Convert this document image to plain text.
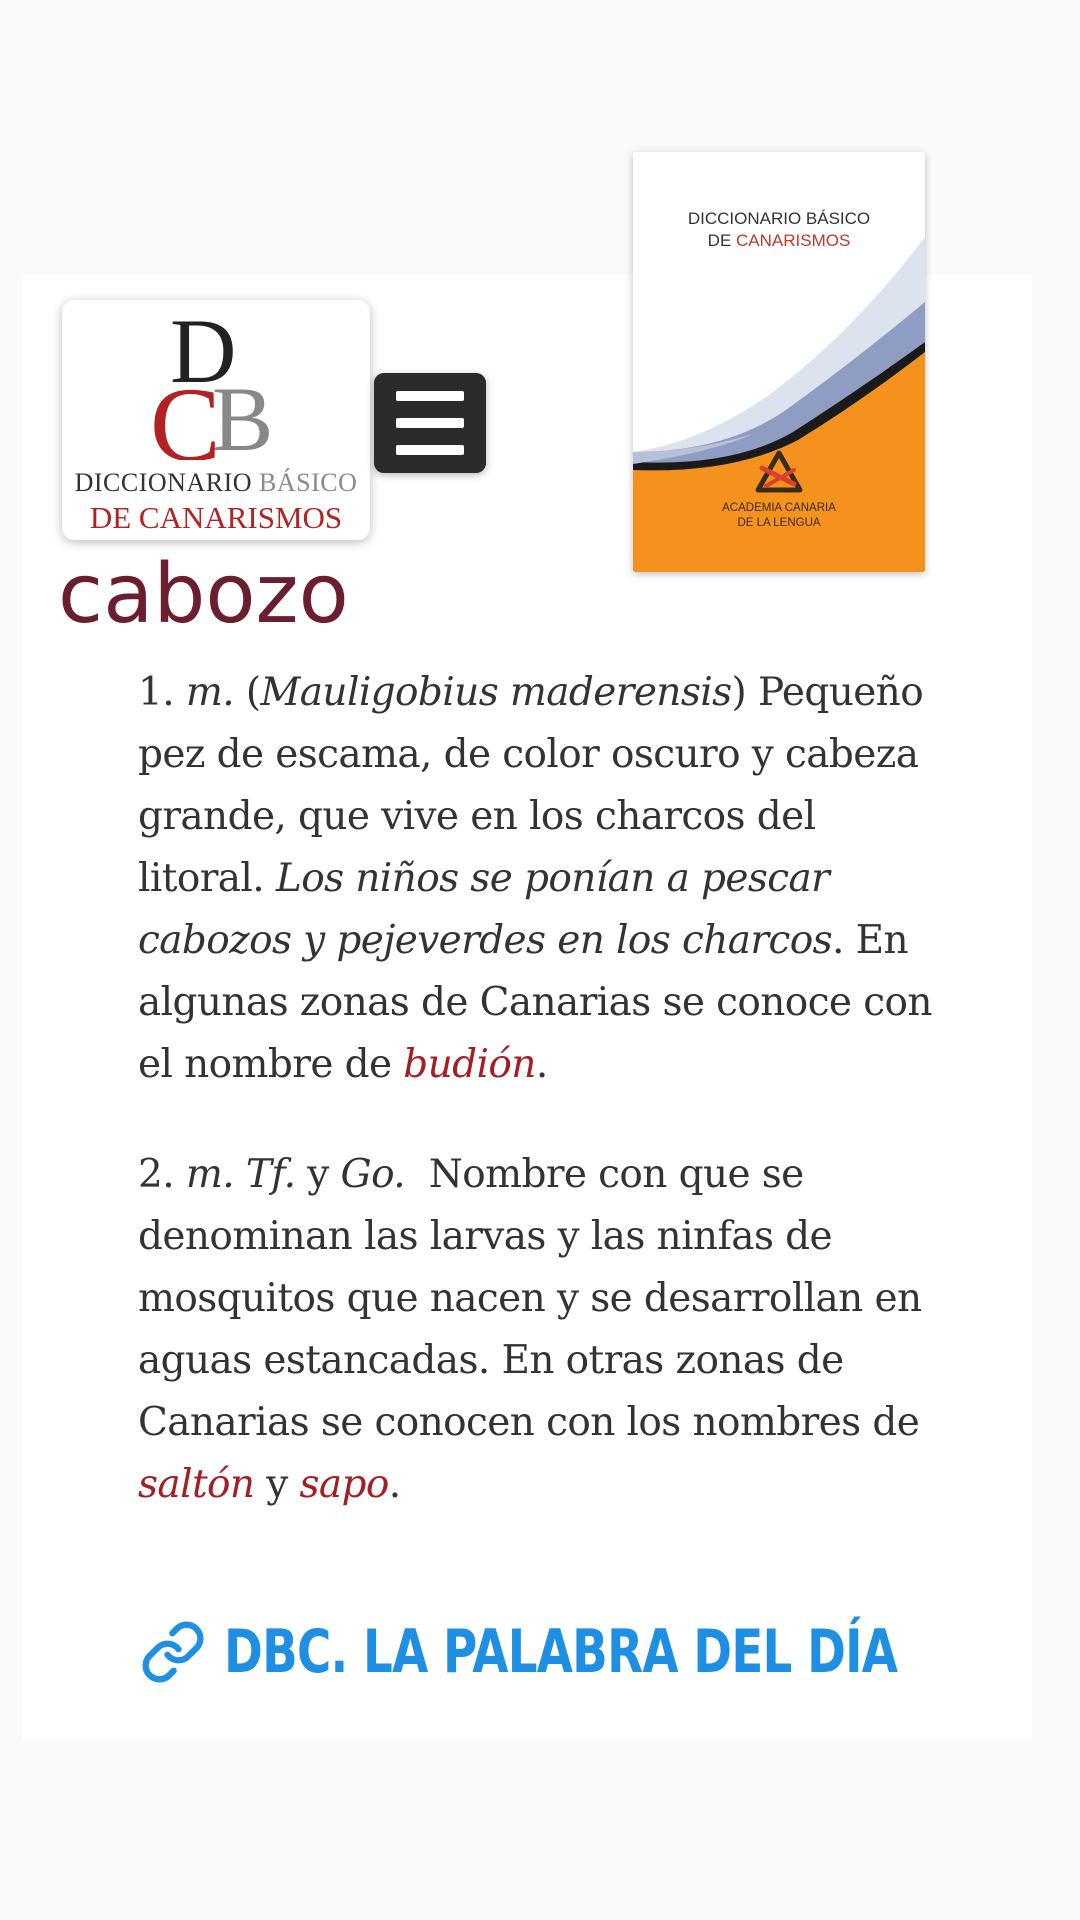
D
B
C
DICCIONARIO BÁSICO
DE CANARISMOS
DICCIONARIO BÁSICO
DE CANARISMOS
ACADEMIA CANARIA
DE LA LENGUA
cabozo

1. m. (Mauligobius maderensis) Pequeño pez de escama, de color oscuro y cabeza grande, que vive en los charcos del litoral. Los niños se ponían a pescar cabozos y pejeverdes en los charcos. En algunas zonas de Canarias se conoce con el nombre de budión.

2. m. Tf. y Go. Nombre con que se denominan las larvas y las ninfas de mosquitos que nacen y se desarrollan en aguas estancadas. En otras zonas de Canarias se conocen con los nombres de saltón y sapo.

DBC. LA PALABRA DEL DÍA
